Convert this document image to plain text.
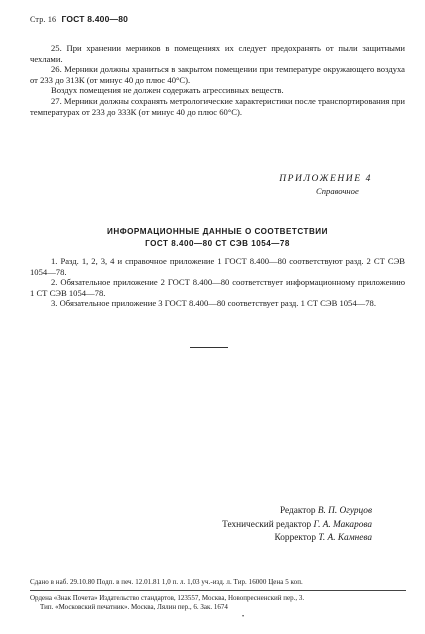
Стр. 16 ГОСТ 8.400—80

25. При хранении мерников в помещениях их следует предохранять от пыли защитными чехлами.

26. Мерники должны храниться в закрытом помещении при температуре окружающего воздуха от 233 до 313К (от минус 40 до плюс 40°С).

Воздух помещения не должен содержать агрессивных веществ.

27. Мерники должны сохранять метрологические характеристики после транспортирования при температурах от 233 до 333К (от минус 40 до плюс 60°С).

ПРИЛОЖЕНИЕ 4
Справочное
ИНФОРМАЦИОННЫЕ ДАННЫЕ О СООТВЕТСТВИИ
ГОСТ 8.400—80 СТ СЭВ 1054—78

1. Разд. 1, 2, 3, 4 и справочное приложение 1 ГОСТ 8.400—80 соответствуют разд. 2 СТ СЭВ 1054—78.

2. Обязательное приложение 2 ГОСТ 8.400—80 соответствует информационному приложению 1 СТ СЭВ 1054—78.

3. Обязательное приложение 3 ГОСТ 8.400—80 соответствует разд. 1 СТ СЭВ 1054—78.

Редактор В. П. Огурцов
Технический редактор Г. А. Макарова
Корректор Т. А. Камнева
Сдано в наб. 29.10.80 Подп. в печ. 12.01.81 1,0 п. л. 1,03 уч.-изд. л. Тир. 16000 Цена 5 коп.
Ордена «Знак Почета» Издательство стандартов, 123557, Москва, Новопресненский пер., 3.
Тип. «Московский печатник». Москва, Лялин пер., 6. Зак. 1674
•
